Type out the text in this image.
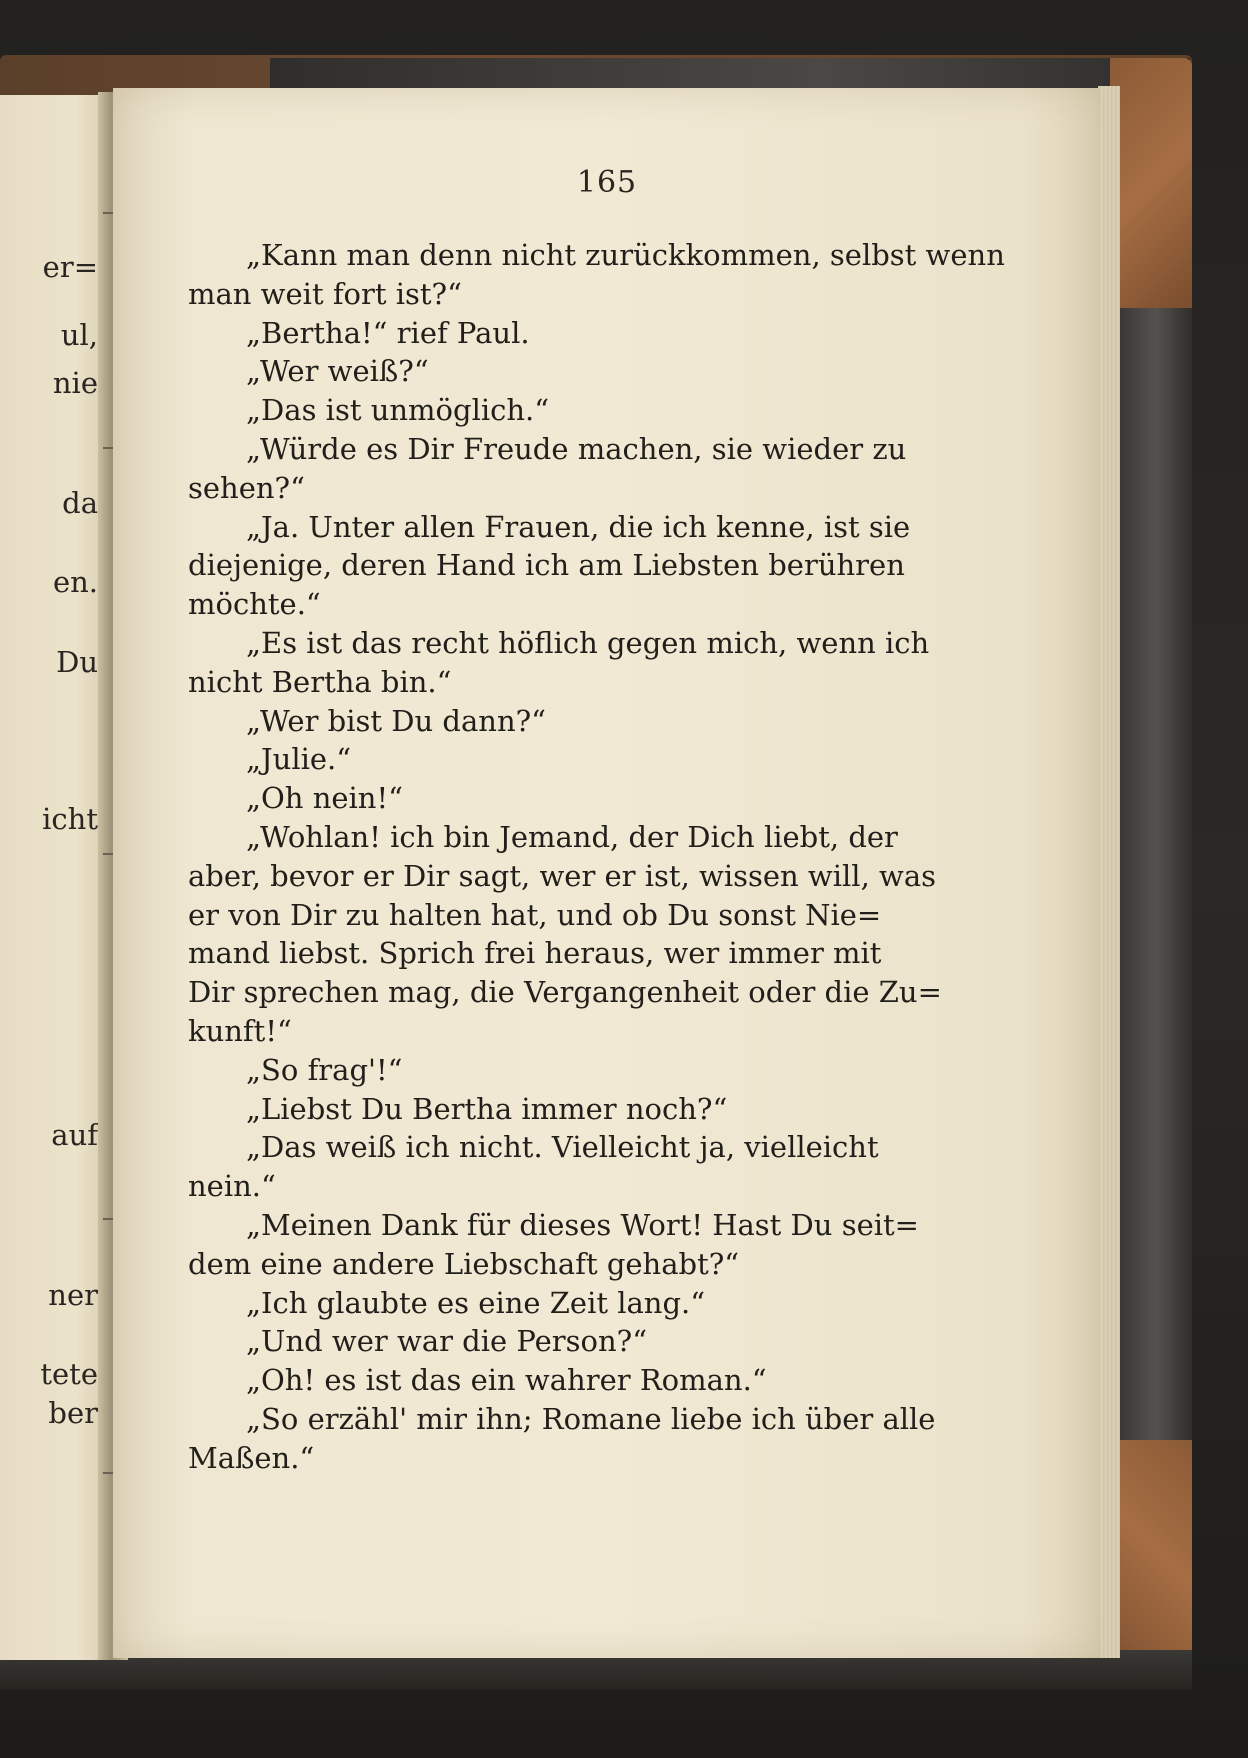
er=
ul,
nie
da
en.
Du
icht
auf
ner
tete
ber
165
„Kann man denn nicht zurückkommen, selbst wenn
man weit fort ist?“
„Bertha!“ rief Paul.
„Wer weiß?“
„Das ist unmöglich.“
„Würde es Dir Freude machen, sie wieder zu
sehen?“
„Ja. Unter allen Frauen, die ich kenne, ist sie
diejenige, deren Hand ich am Liebsten berühren
möchte.“
„Es ist das recht höflich gegen mich, wenn ich
nicht Bertha bin.“
„Wer bist Du dann?“
„Julie.“
„Oh nein!“
„Wohlan! ich bin Jemand, der Dich liebt, der
aber, bevor er Dir sagt, wer er ist, wissen will, was
er von Dir zu halten hat, und ob Du sonst Nie=
mand liebst. Sprich frei heraus, wer immer mit
Dir sprechen mag, die Vergangenheit oder die Zu=
kunft!“
„So frag'!“
„Liebst Du Bertha immer noch?“
„Das weiß ich nicht. Vielleicht ja, vielleicht
nein.“
„Meinen Dank für dieses Wort! Hast Du seit=
dem eine andere Liebschaft gehabt?“
„Ich glaubte es eine Zeit lang.“
„Und wer war die Person?“
„Oh! es ist das ein wahrer Roman.“
„So erzähl' mir ihn; Romane liebe ich über alle
Maßen.“
